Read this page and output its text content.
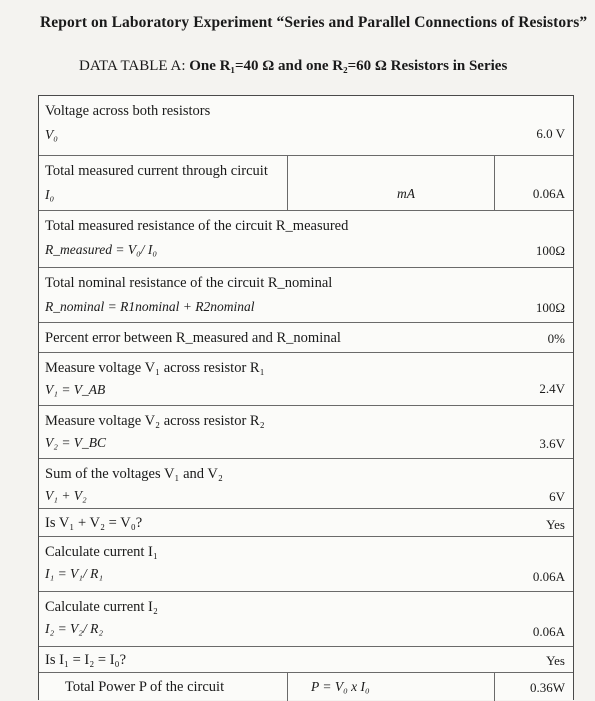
Report on Laboratory Experiment “Series and Parallel Connections of Resistors”
DATA TABLE A: One R₁=40 Ω and one R₂=60 Ω Resistors in Series
Voltage across both resistors
V₀	6.0 V
Total measured current through circuit
I₀	mA	0.06A
Total measured resistance of the circuit R_measured
R_measured = V₀/ I₀	100Ω
Total nominal resistance of the circuit R_nominal
R_nominal = R1nominal + R2nominal	100Ω
Percent error between R_measured and R_nominal	0%
Measure voltage V₁ across resistor R₁
V₁ = V_AB	2.4V
Measure voltage V₂ across resistor R₂
V₂ = V_BC	3.6V
Sum of the voltages V₁ and V₂
V₁ + V₂	6V
Is V₁ + V₂ = V₀?	Yes
Calculate current I₁
I₁ = V₁/ R₁	0.06A
Calculate current I₂
I₂ = V₂/ R₂	0.06A
Is I₁ = I₂ = I₀?	Yes
Total Power P of the circuit	P = V₀ x I₀	0.36W
